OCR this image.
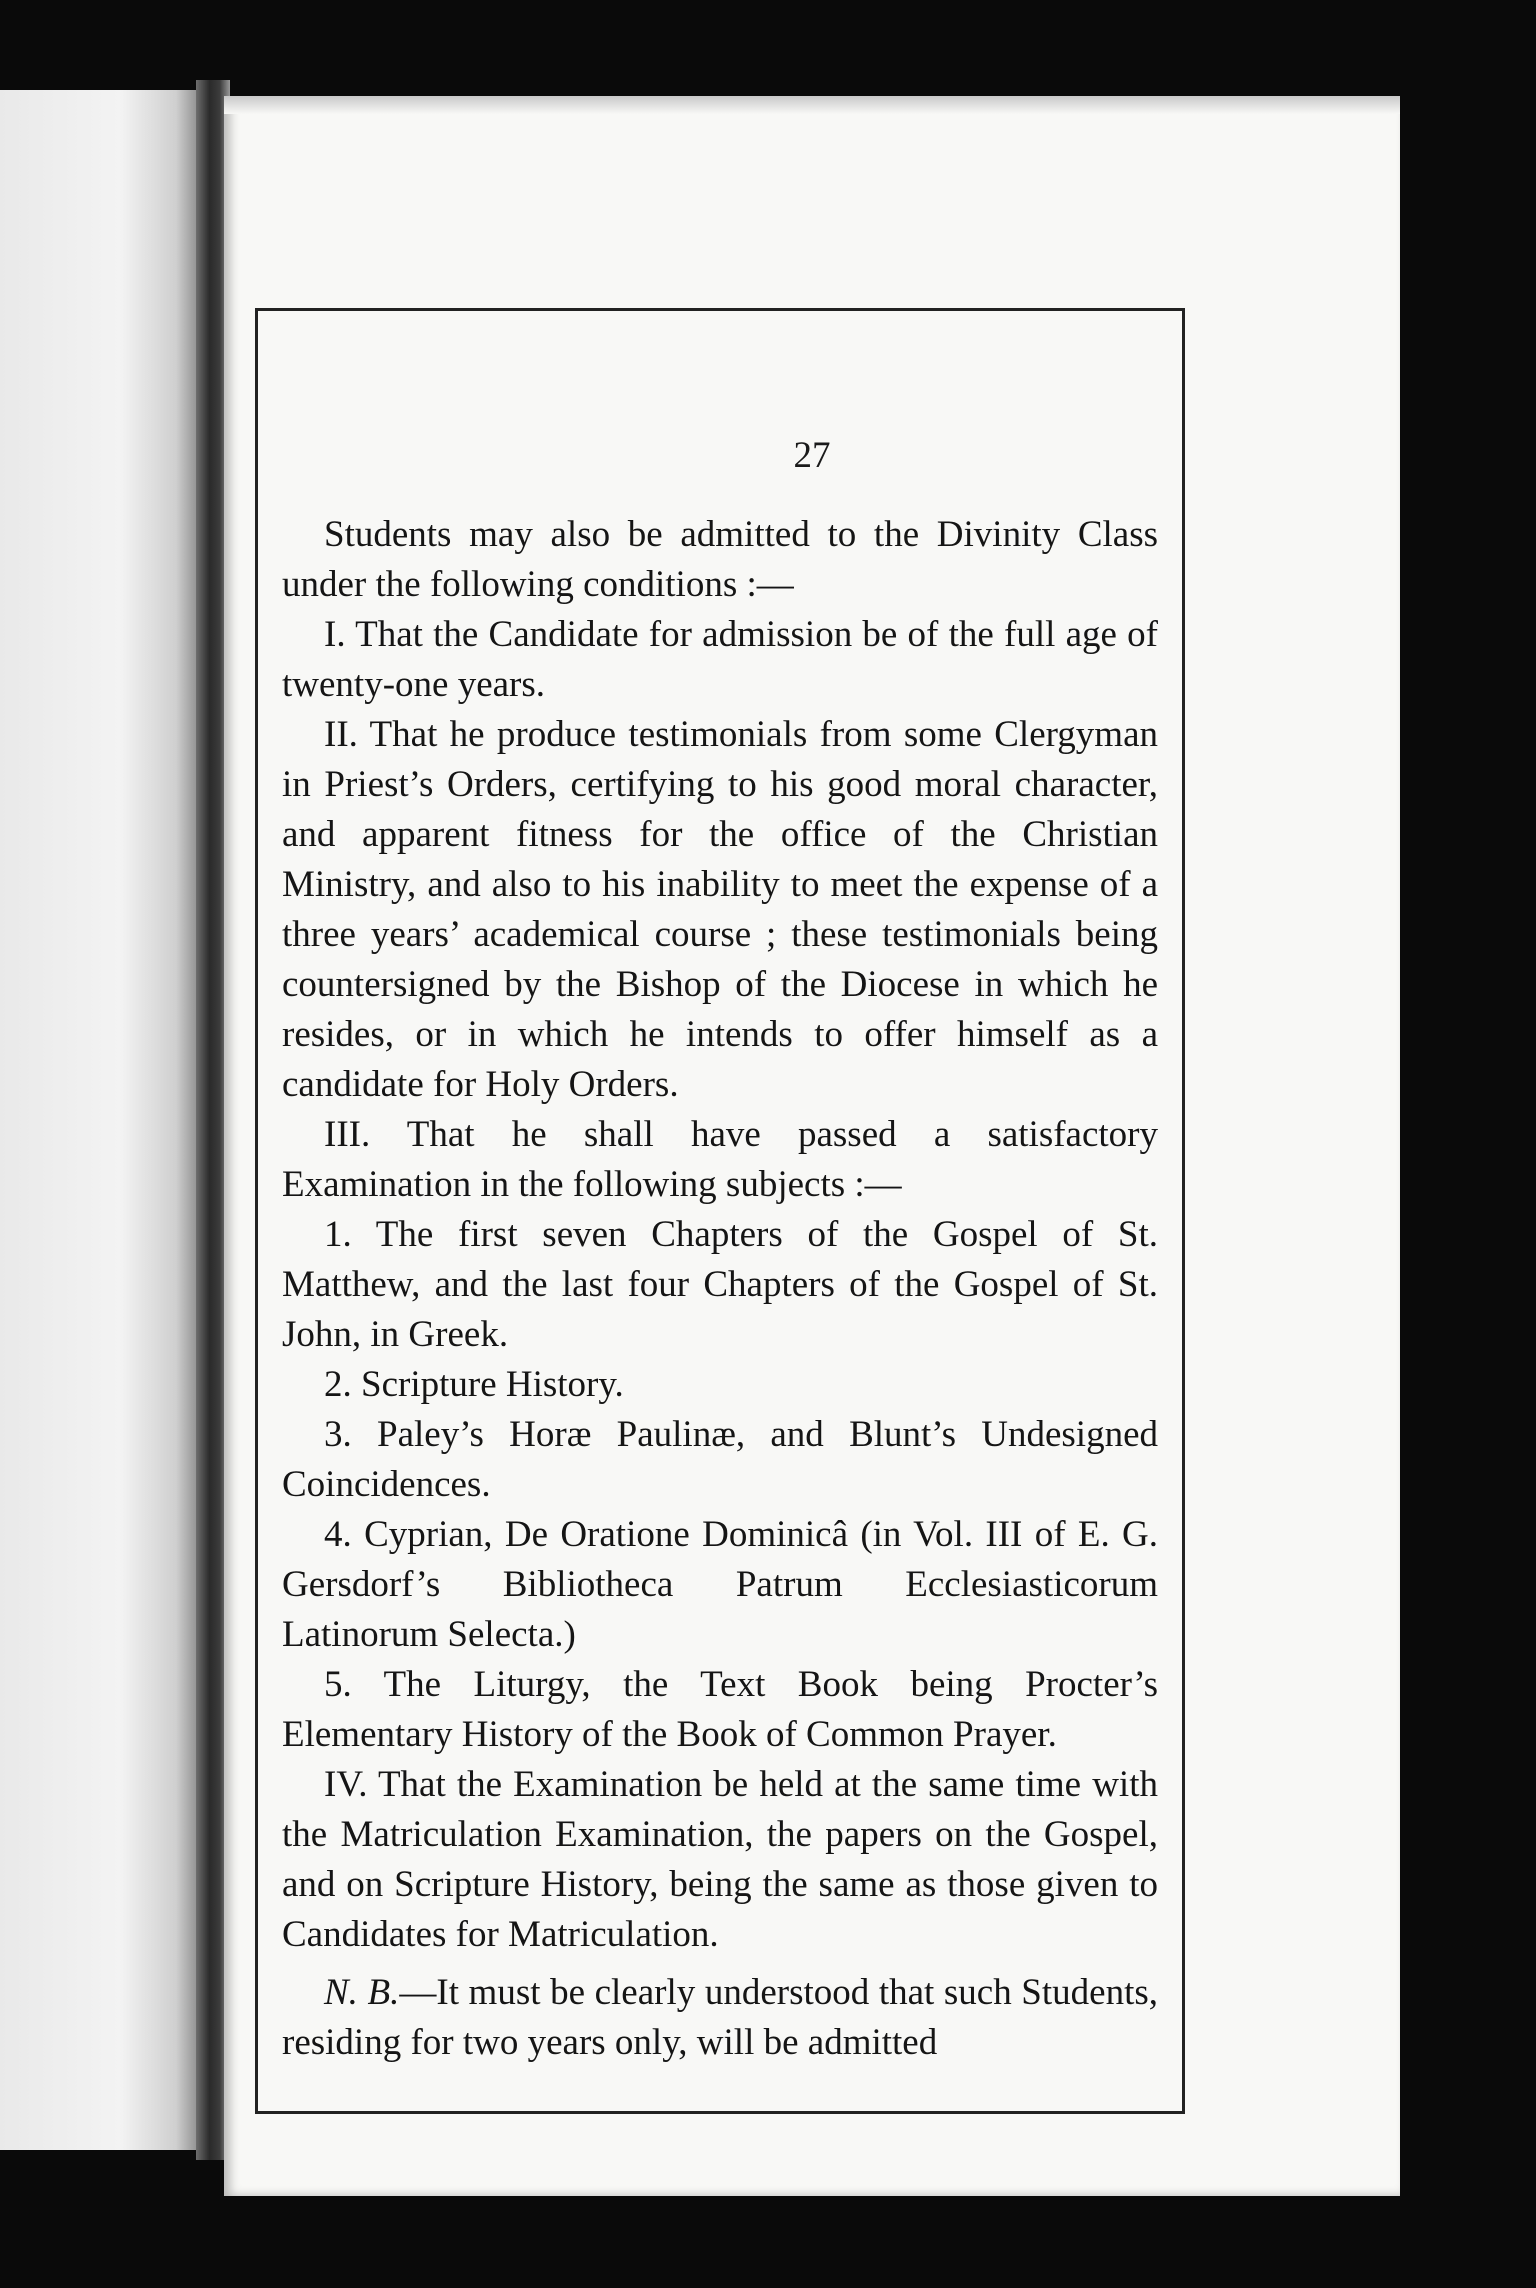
27

Students may also be admitted to the Divinity Class under the following conditions :—

I. That the Candidate for admission be of the full age of twenty-one years.

II. That he produce testimonials from some Clergyman in Priest’s Orders, certifying to his good moral character, and apparent fitness for the office of the Christian Ministry, and also to his inability to meet the expense of a three years’ academical course ; these testimonials being countersigned by the Bishop of the Diocese in which he resides, or in which he intends to offer himself as a candidate for Holy Orders.

III. That he shall have passed a satisfactory Examination in the following subjects :—

1. The first seven Chapters of the Gospel of St. Matthew, and the last four Chapters of the Gospel of St. John, in Greek.

2. Scripture History.

3. Paley’s Horæ Paulinæ, and Blunt’s Undesigned Coincidences.

4. Cyprian, De Oratione Dominicâ (in Vol. III of E. G. Gersdorf’s Bibliotheca Patrum Ecclesiasticorum Latinorum Selecta.)

5. The Liturgy, the Text Book being Procter’s Elementary History of the Book of Common Prayer.

IV. That the Examination be held at the same time with the Matriculation Examination, the papers on the Gospel, and on Scripture History, being the same as those given to Candidates for Matriculation.

N. B.—It must be clearly understood that such Students, residing for two years only, will be admitted
